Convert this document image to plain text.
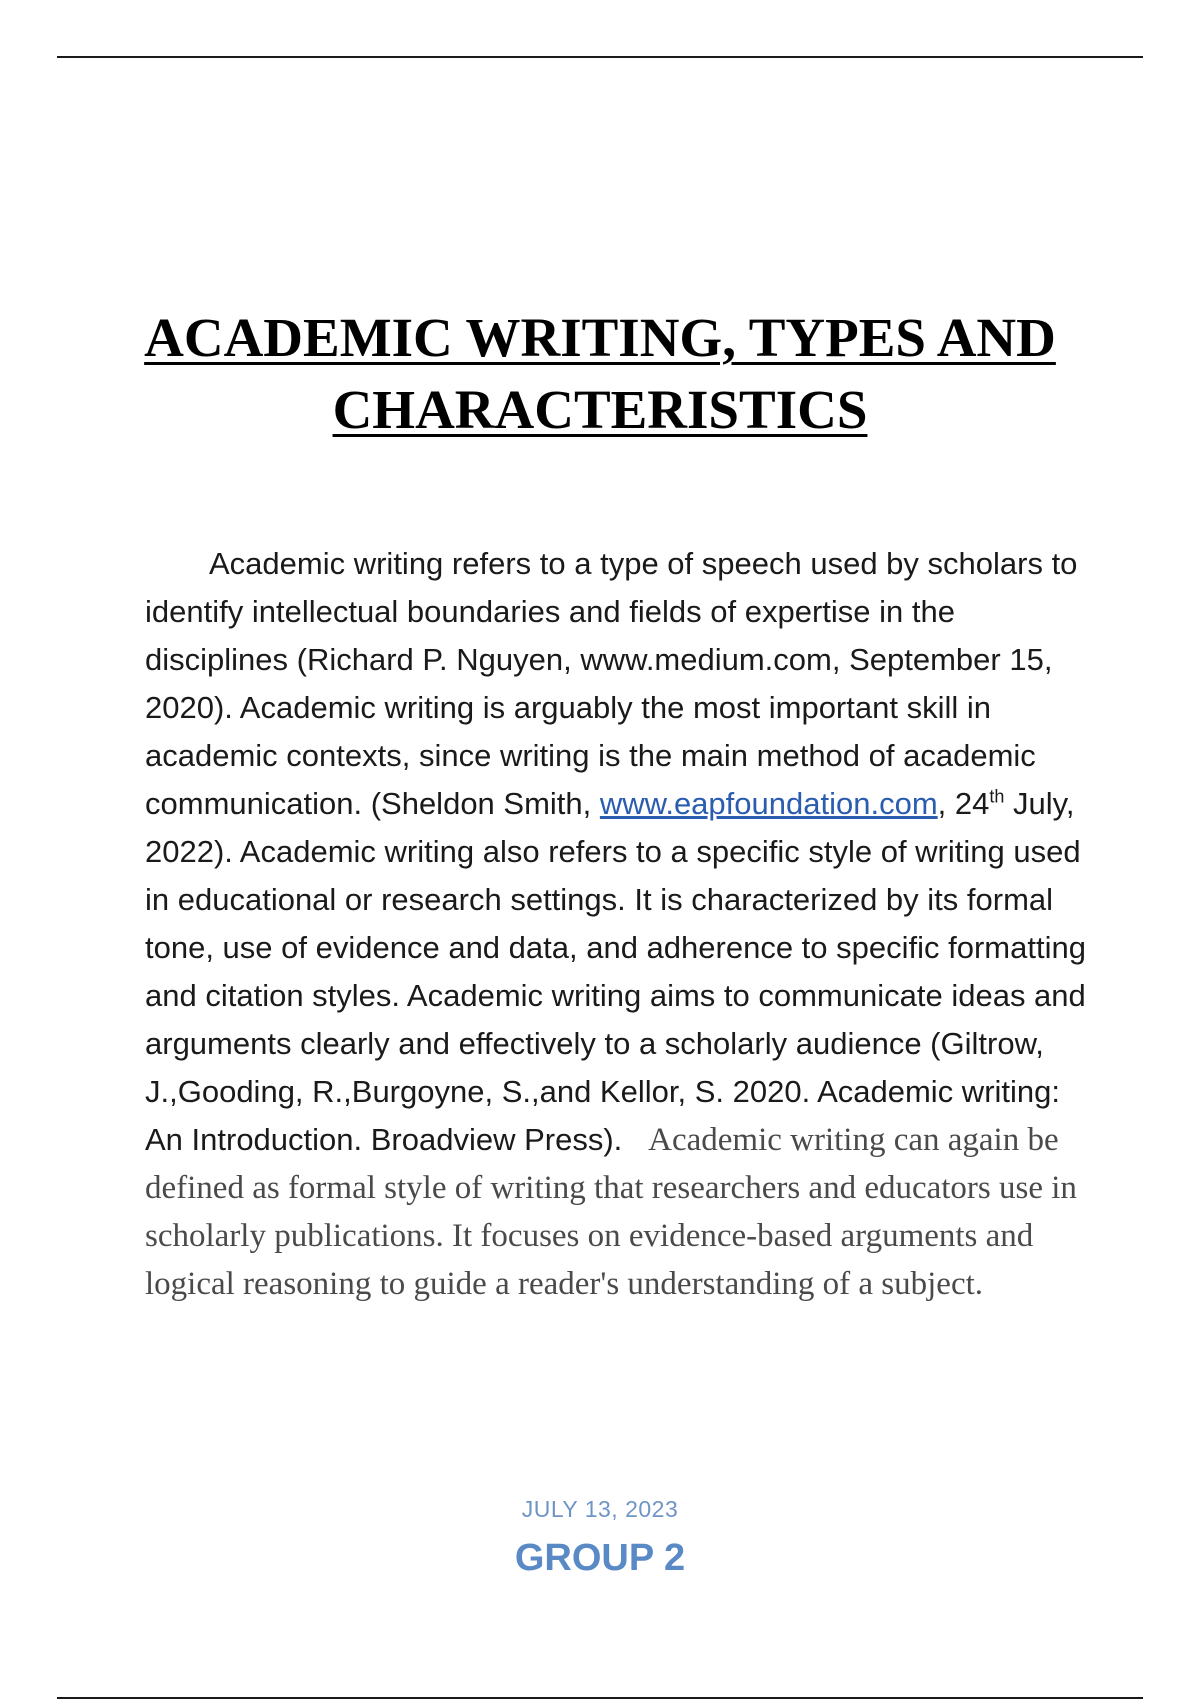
ACADEMIC WRITING, TYPES AND
CHARACTERISTICS

Academic writing refers to a type of speech used by scholars to identify intellectual boundaries and fields of expertise in the disciplines (Richard P. Nguyen, www.medium.com, September 15, 2020). Academic writing is arguably the most important skill in academic contexts, since writing is the main method of academic communication. (Sheldon Smith, www.eapfoundation.com, 24th July, 2022). Academic writing also refers to a specific style of writing used in educational or research settings. It is characterized by its formal tone, use of evidence and data, and adherence to specific formatting and citation styles. Academic writing aims to communicate ideas and arguments clearly and effectively to a scholarly audience (Giltrow, J.,Gooding, R.,Burgoyne, S.,and Kellor, S. 2020. Academic writing: An Introduction. Broadview Press). Academic writing can again be defined as formal style of writing that researchers and educators use in scholarly publications. It focuses on evidence-based arguments and logical reasoning to guide a reader's understanding of a subject.

JULY 13, 2023
GROUP 2
